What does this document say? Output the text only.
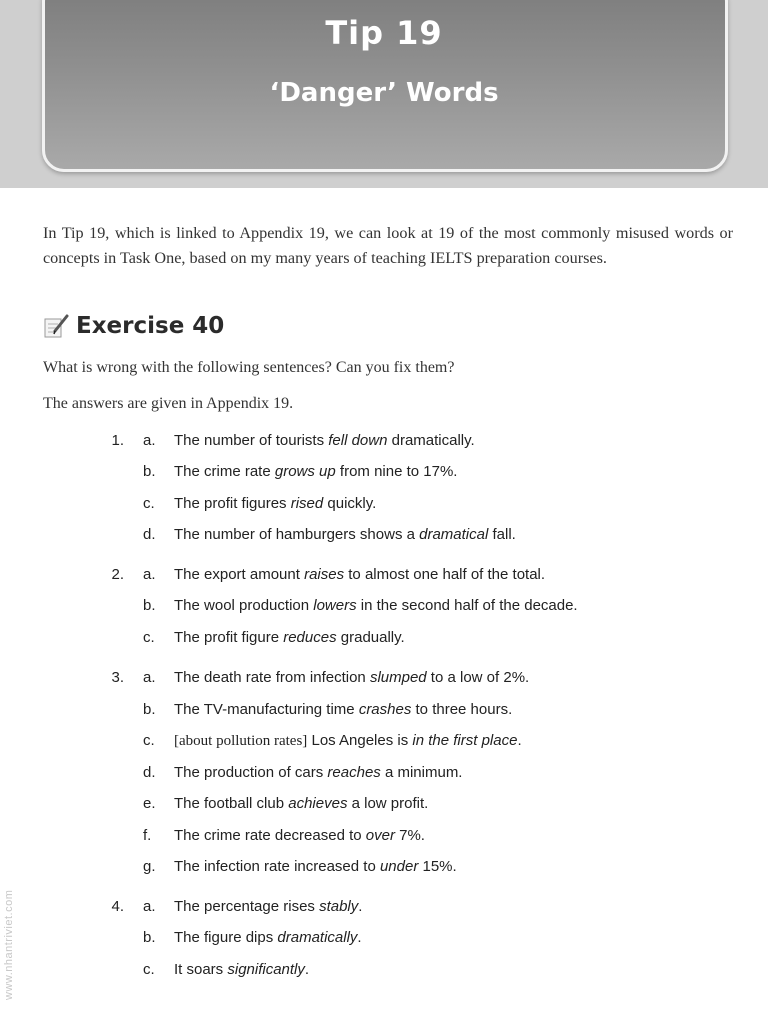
Tip 19
‘Danger’ Words
In Tip 19, which is linked to Appendix 19, we can look at 19 of the most commonly misused words or concepts in Task One, based on my many years of teaching IELTS preparation courses.
Exercise 40
What is wrong with the following sentences? Can you fix them?
The answers are given in Appendix 19.
1. a. The number of tourists fell down dramatically.
b. The crime rate grows up from nine to 17%.
c. The profit figures rised quickly.
d. The number of hamburgers shows a dramatical fall.
2. a. The export amount raises to almost one half of the total.
b. The wool production lowers in the second half of the decade.
c. The profit figure reduces gradually.
3. a. The death rate from infection slumped to a low of 2%.
b. The TV-manufacturing time crashes to three hours.
c. [about pollution rates] Los Angeles is in the first place.
d. The production of cars reaches a minimum.
e. The football club achieves a low profit.
f.	The crime rate decreased to over 7%.
g. The infection rate increased to under 15%.
4. a. The percentage rises stably.
b. The figure dips dramatically.
c. It soars significantly.
www.nhantriviet.com
